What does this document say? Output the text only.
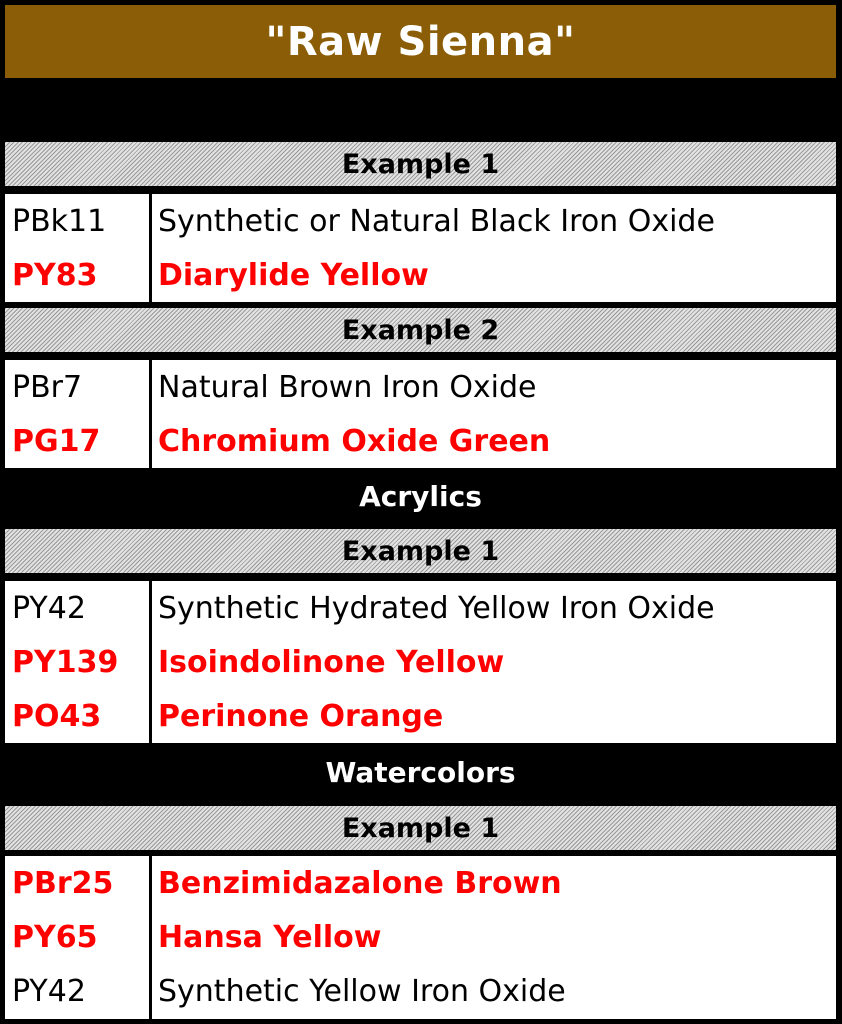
"Raw Sienna"
Example 1
PBk11	Synthetic or Natural Black Iron Oxide
PY83	Diarylide Yellow
Example 2
PBr7	Natural Brown Iron Oxide
PG17	Chromium Oxide Green
Acrylics
Example 1
PY42	Synthetic Hydrated Yellow Iron Oxide
PY139	Isoindolinone Yellow
PO43	Perinone Orange
Watercolors
Example 1
PBr25	Benzimidazalone Brown
PY65	Hansa Yellow
PY42	Synthetic Yellow Iron Oxide
